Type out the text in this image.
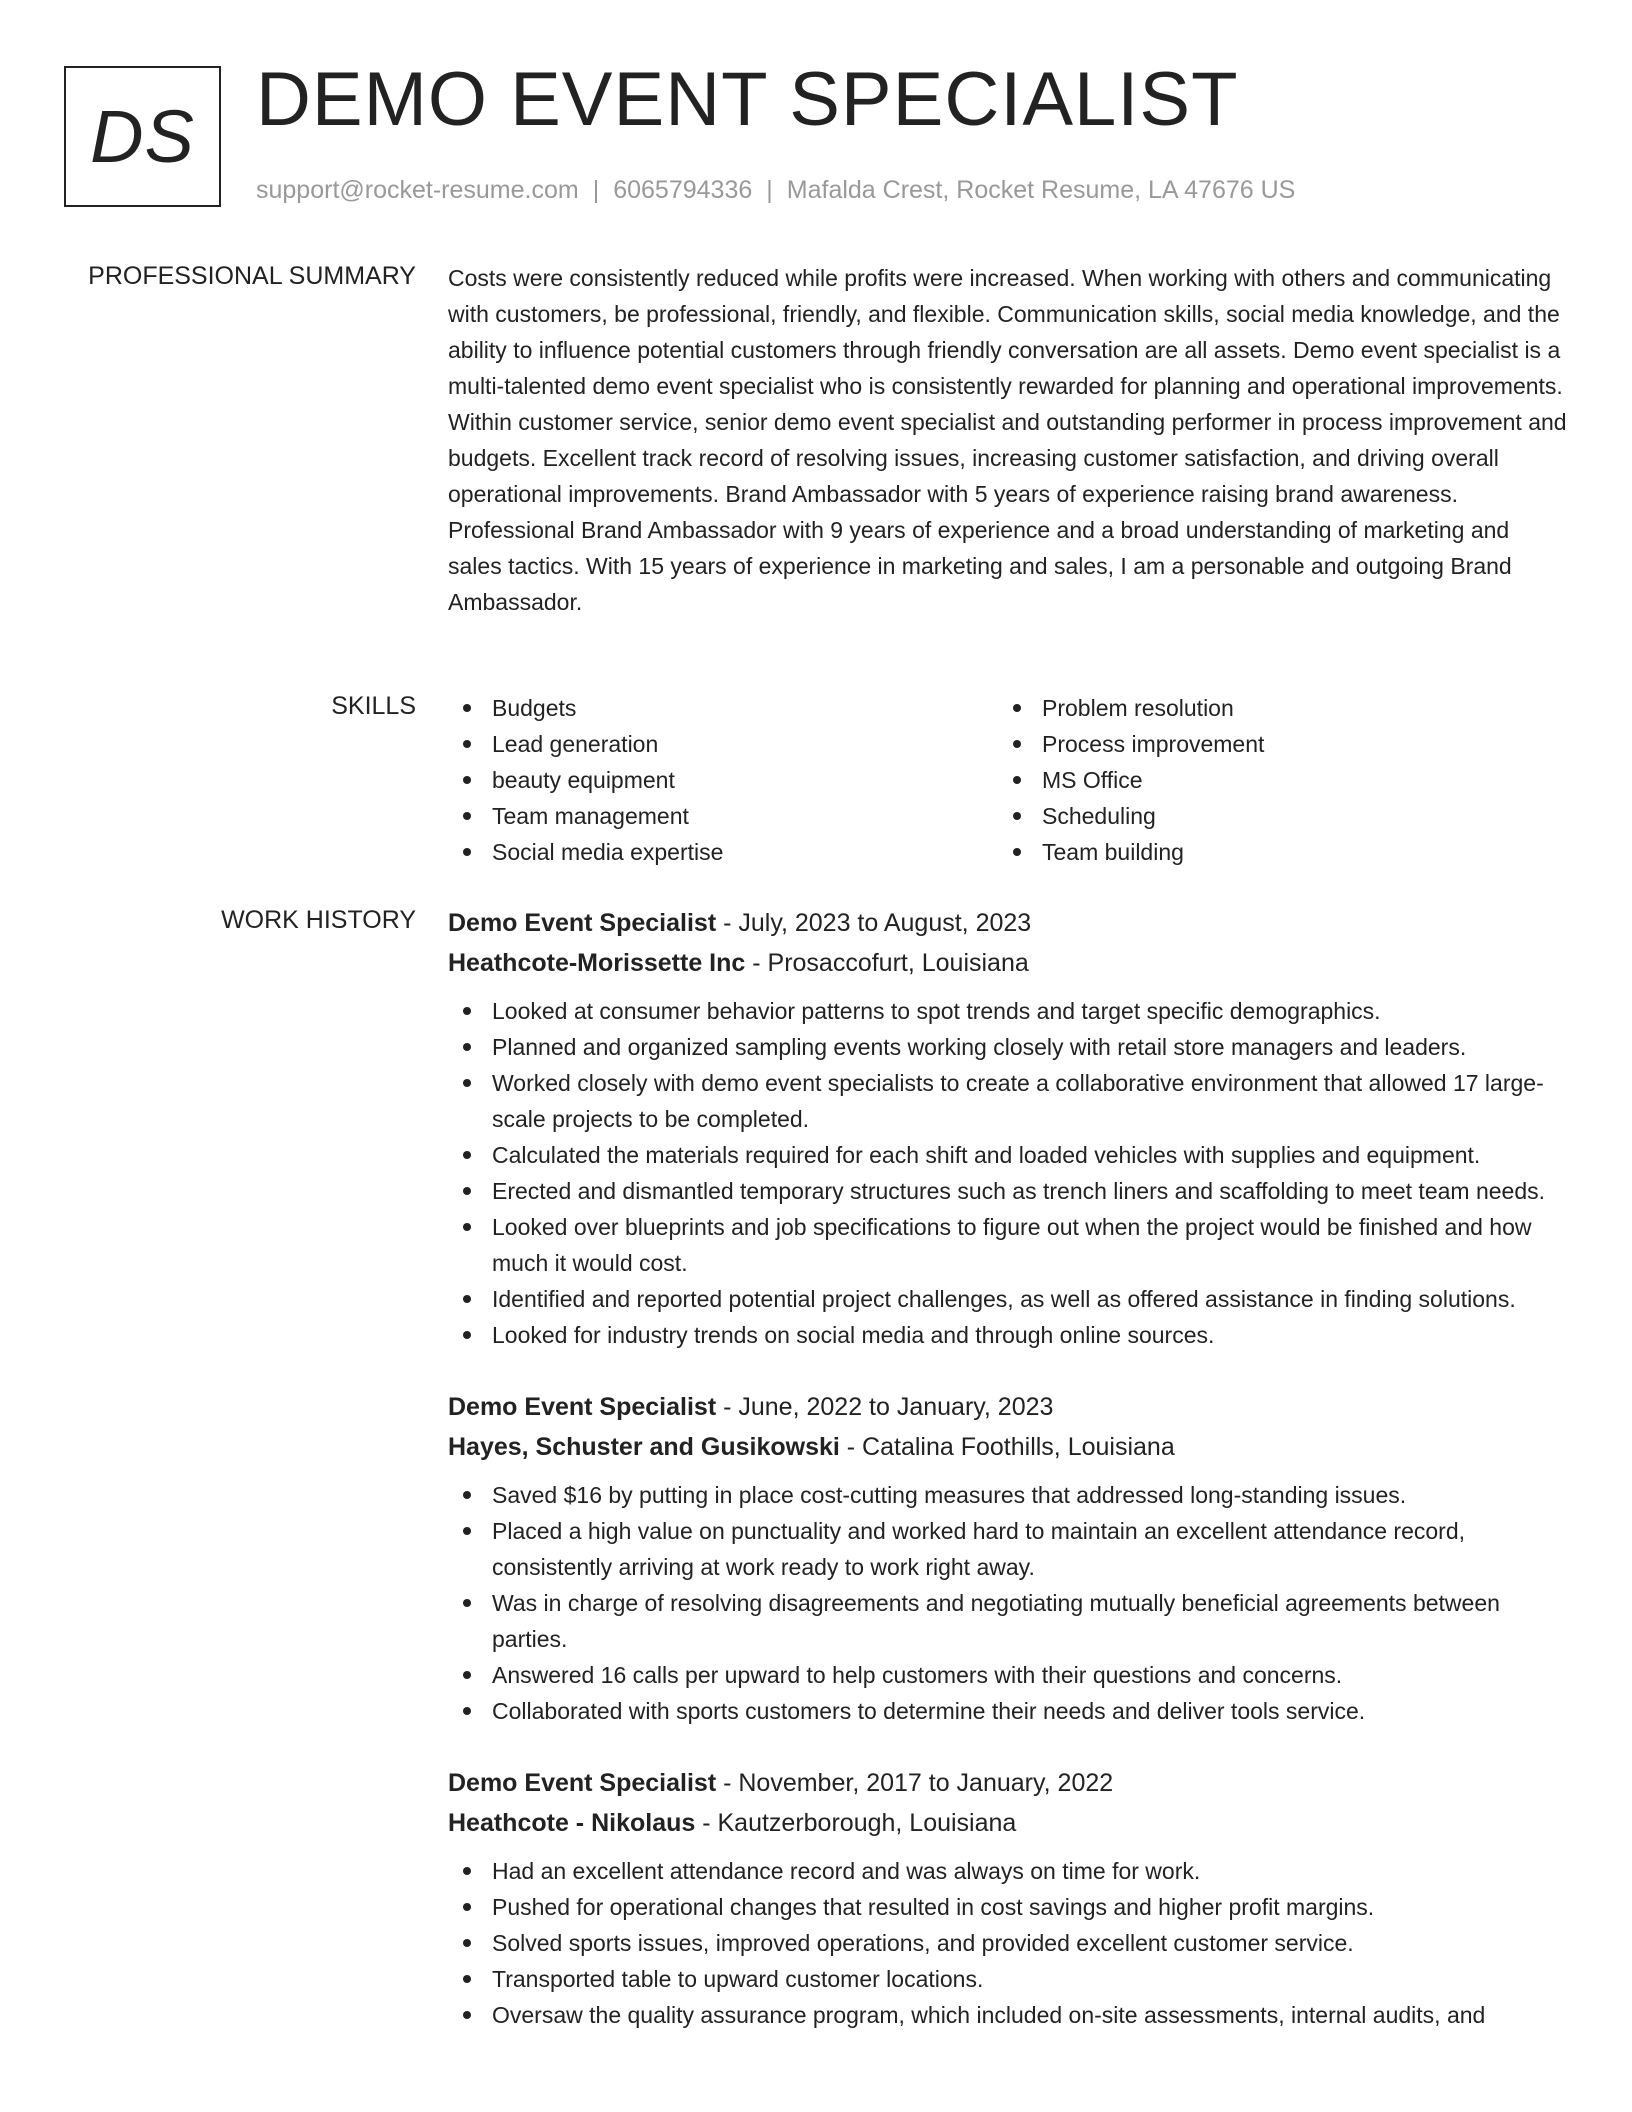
DS DEMO EVENT SPECIALIST
support@rocket-resume.com | 6065794336 | Mafalda Crest, Rocket Resume, LA 47676 US
PROFESSIONAL SUMMARY Costs were consistently reduced while profits were increased. When working with others and communicating with customers, be professional, friendly, and flexible. Communication skills, social media knowledge, and the ability to influence potential customers through friendly conversation are all assets. Demo event specialist is a multi-talented demo event specialist who is consistently rewarded for planning and operational improvements. Within customer service, senior demo event specialist and outstanding performer in process improvement and budgets. Excellent track record of resolving issues, increasing customer satisfaction, and driving overall operational improvements. Brand Ambassador with 5 years of experience raising brand awareness. Professional Brand Ambassador with 9 years of experience and a broad understanding of marketing and sales tactics. With 15 years of experience in marketing and sales, I am a personable and outgoing Brand Ambassador.

SKILLS	Budgets
Lead generation
beauty equipment
Team management
Social media expertise
Problem resolution
Process improvement
MS Office
Scheduling
Team building
WORK HISTORY Demo Event Specialist - July, 2023 to August, 2023
Heathcote-Morissette Inc - Prosaccofurt, Louisiana
Looked at consumer behavior patterns to spot trends and target specific demographics.
Planned and organized sampling events working closely with retail store managers and leaders.
Worked closely with demo event specialists to create a collaborative environment that allowed 17 large-scale projects to be completed.
Calculated the materials required for each shift and loaded vehicles with supplies and equipment.
Erected and dismantled temporary structures such as trench liners and scaffolding to meet team needs.
Looked over blueprints and job specifications to figure out when the project would be finished and how much it would cost.
Identified and reported potential project challenges, as well as offered assistance in finding solutions.
Looked for industry trends on social media and through online sources.
Demo Event Specialist - June, 2022 to January, 2023
Hayes, Schuster and Gusikowski - Catalina Foothills, Louisiana
Saved $16 by putting in place cost-cutting measures that addressed long-standing issues.
Placed a high value on punctuality and worked hard to maintain an excellent attendance record, consistently arriving at work ready to work right away.
Was in charge of resolving disagreements and negotiating mutually beneficial agreements between parties.
Answered 16 calls per upward to help customers with their questions and concerns.
Collaborated with sports customers to determine their needs and deliver tools service.
Demo Event Specialist - November, 2017 to January, 2022
Heathcote - Nikolaus - Kautzerborough, Louisiana
Had an excellent attendance record and was always on time for work.
Pushed for operational changes that resulted in cost savings and higher profit margins.
Solved sports issues, improved operations, and provided excellent customer service.
Transported table to upward customer locations.
Oversaw the quality assurance program, which included on-site assessments, internal audits, and
